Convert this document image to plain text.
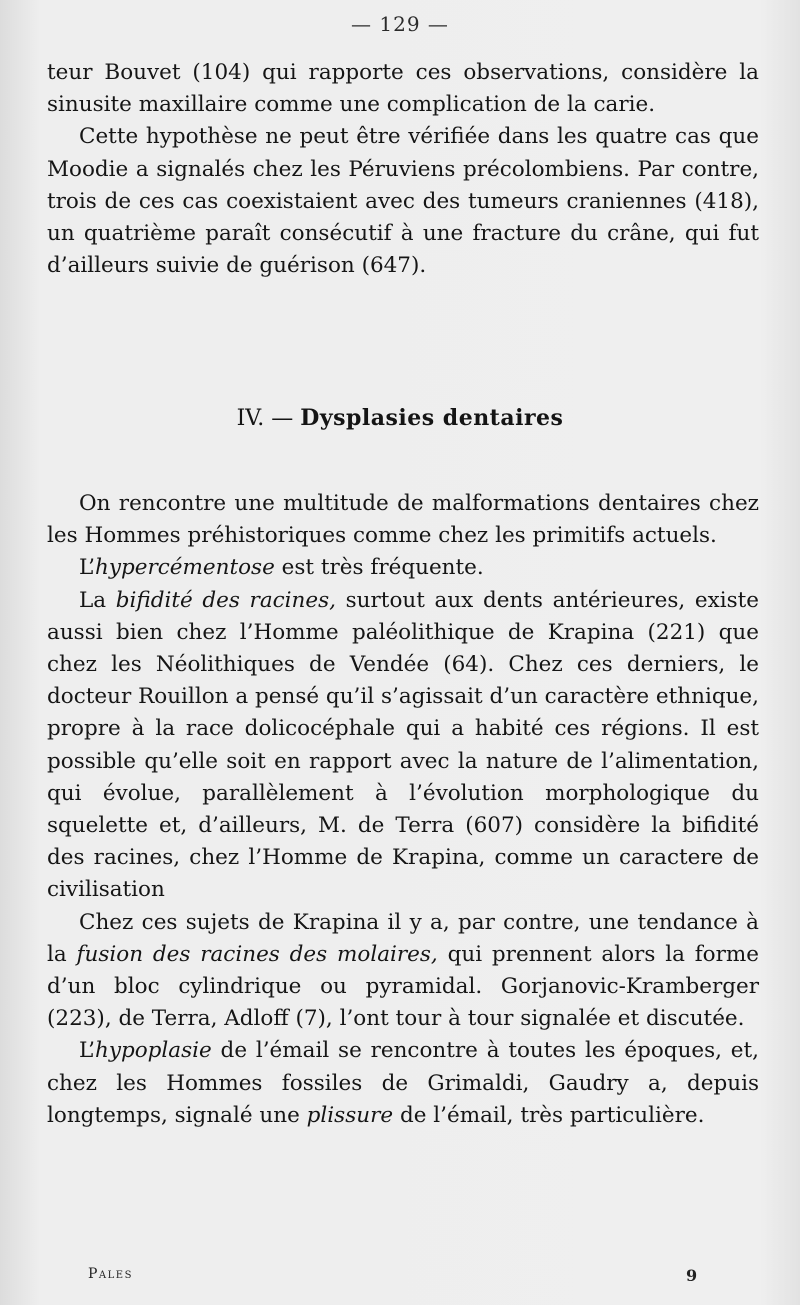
— 129 —

teur Bouvet (104) qui rapporte ces observations, considère la sinusite maxillaire comme une complication de la carie.

Cette hypothèse ne peut être vérifiée dans les quatre cas que Moodie a signalés chez les Péruviens précolombiens. Par contre, trois de ces cas coexistaient avec des tumeurs craniennes (418), un quatrième paraît consécutif à une fracture du crâne, qui fut d’ailleurs suivie de guérison (647).

IV. — Dysplasies dentaires

On rencontre une multitude de malformations dentaires chez les Hommes préhistoriques comme chez les primitifs actuels.

L’hypercémentose est très fréquente.

La bifidité des racines, surtout aux dents antérieures, existe aussi bien chez l’Homme paléolithique de Krapina (221) que chez les Néolithiques de Vendée (64). Chez ces derniers, le docteur Rouillon a pensé qu’il s’agissait d’un caractère ethnique, propre à la race dolicocéphale qui a habité ces régions. Il est possible qu’elle soit en rapport avec la nature de l’alimentation, qui évolue, parallèlement à l’évolution morphologique du squelette et, d’ailleurs, M. de Terra (607) considère la bifidité des racines, chez l’Homme de Krapina, comme un caractere de civilisation

Chez ces sujets de Krapina il y a, par contre, une tendance à la fusion des racines des molaires, qui prennent alors la forme d’un bloc cylindrique ou pyramidal. Gorjanovic-Kramberger (223), de Terra, Adloff (7), l’ont tour à tour signalée et discutée.

L’hypoplasie de l’émail se rencontre à toutes les époques, et, chez les Hommes fossiles de Grimaldi, Gaudry a, depuis longtemps, signalé une plissure de l’émail, très particulière.

Pales	9
